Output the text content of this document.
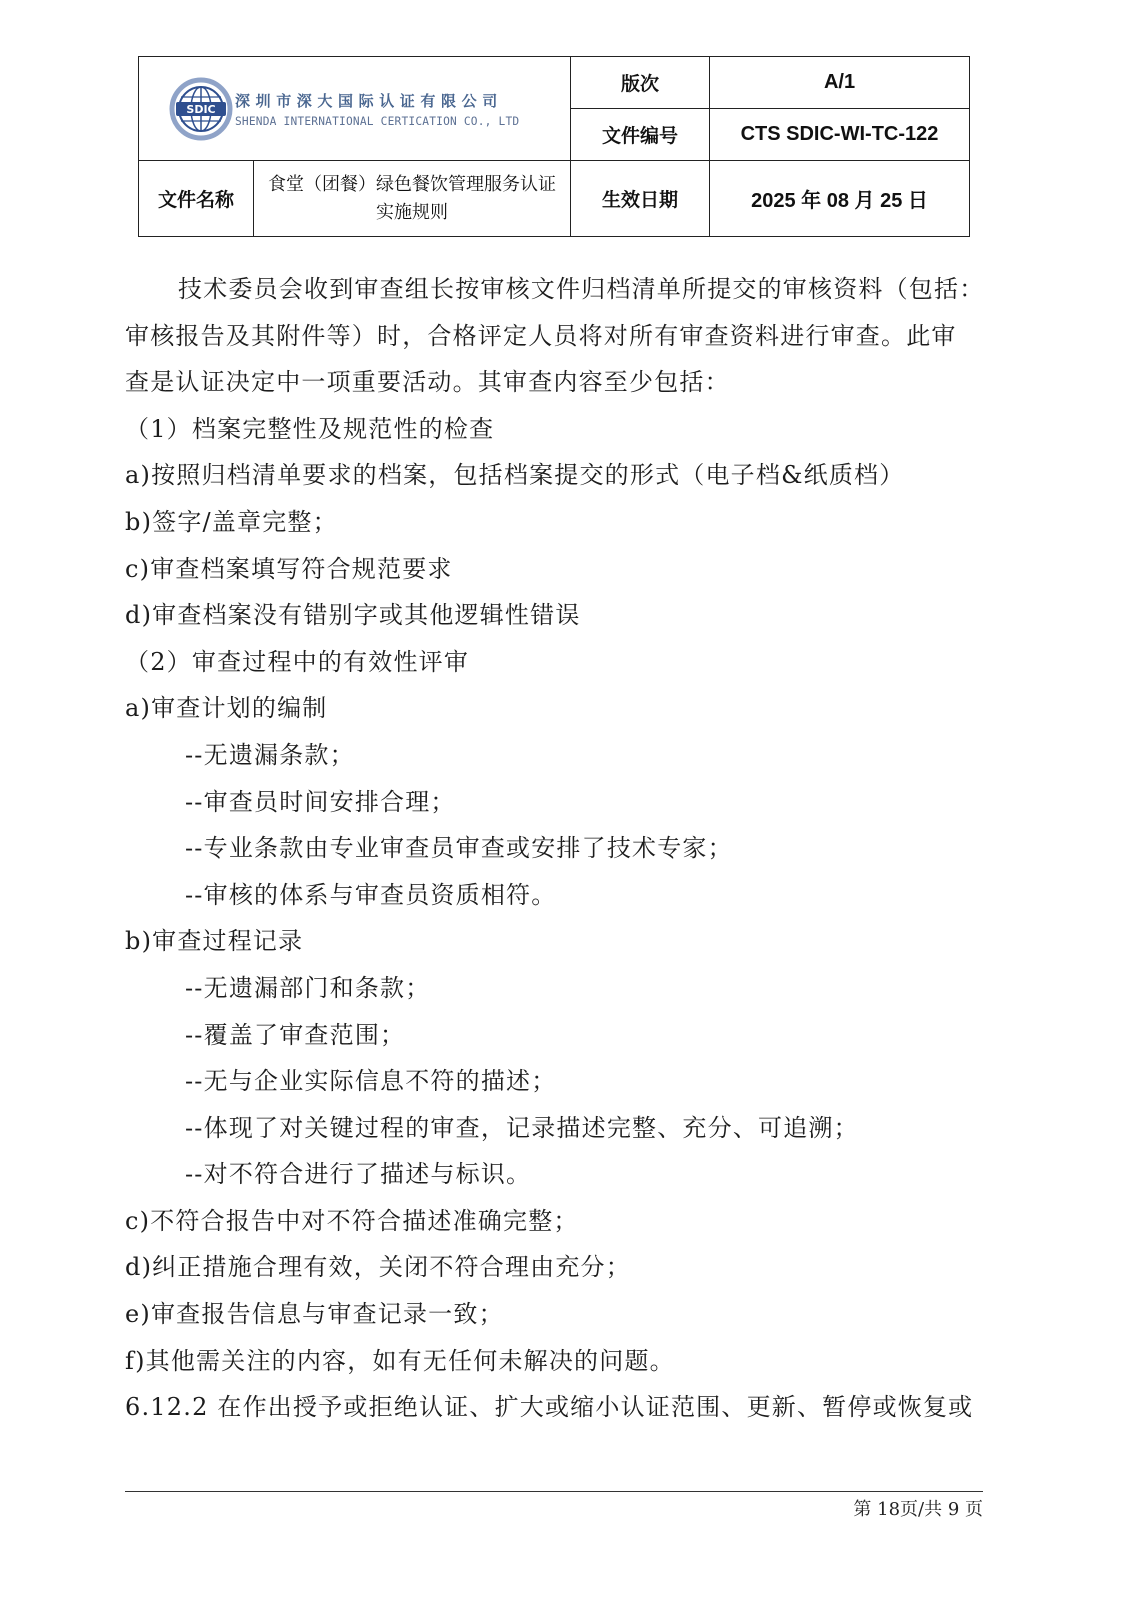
SDIC 深圳市深大国际认证有限公司
SHENDA INTERNATIONAL CERTICATION CO., LTD		版次	A/1
		文件编号	CTS SDIC-WI-TC-122
文件名称	食堂（团餐）绿色餐饮管理服务认证实施规则	生效日期	2025 年 08 月 25 日
技术委员会收到审查组长按审核文件归档清单所提交的审核资料（包括：
审核报告及其附件等）时，合格评定人员将对所有审查资料进行审查。此审
查是认证决定中一项重要活动。其审查内容至少包括：
（1）档案完整性及规范性的检查
a)按照归档清单要求的档案，包括档案提交的形式（电子档&纸质档）
b)签字/盖章完整；
c)审查档案填写符合规范要求
d)审查档案没有错别字或其他逻辑性错误
（2）审查过程中的有效性评审
a)审查计划的编制
--无遗漏条款；
--审查员时间安排合理；
--专业条款由专业审查员审查或安排了技术专家；
--审核的体系与审查员资质相符。
b)审查过程记录
--无遗漏部门和条款；
--覆盖了审查范围；
--无与企业实际信息不符的描述；
--体现了对关键过程的审查，记录描述完整、充分、可追溯；
--对不符合进行了描述与标识。
c)不符合报告中对不符合描述准确完整；
d)纠正措施合理有效，关闭不符合理由充分；
e)审查报告信息与审查记录一致；
f)其他需关注的内容，如有无任何未解决的问题。
6.12.2 在作出授予或拒绝认证、扩大或缩小认证范围、更新、暂停或恢复或
第 18页/共 9 页
